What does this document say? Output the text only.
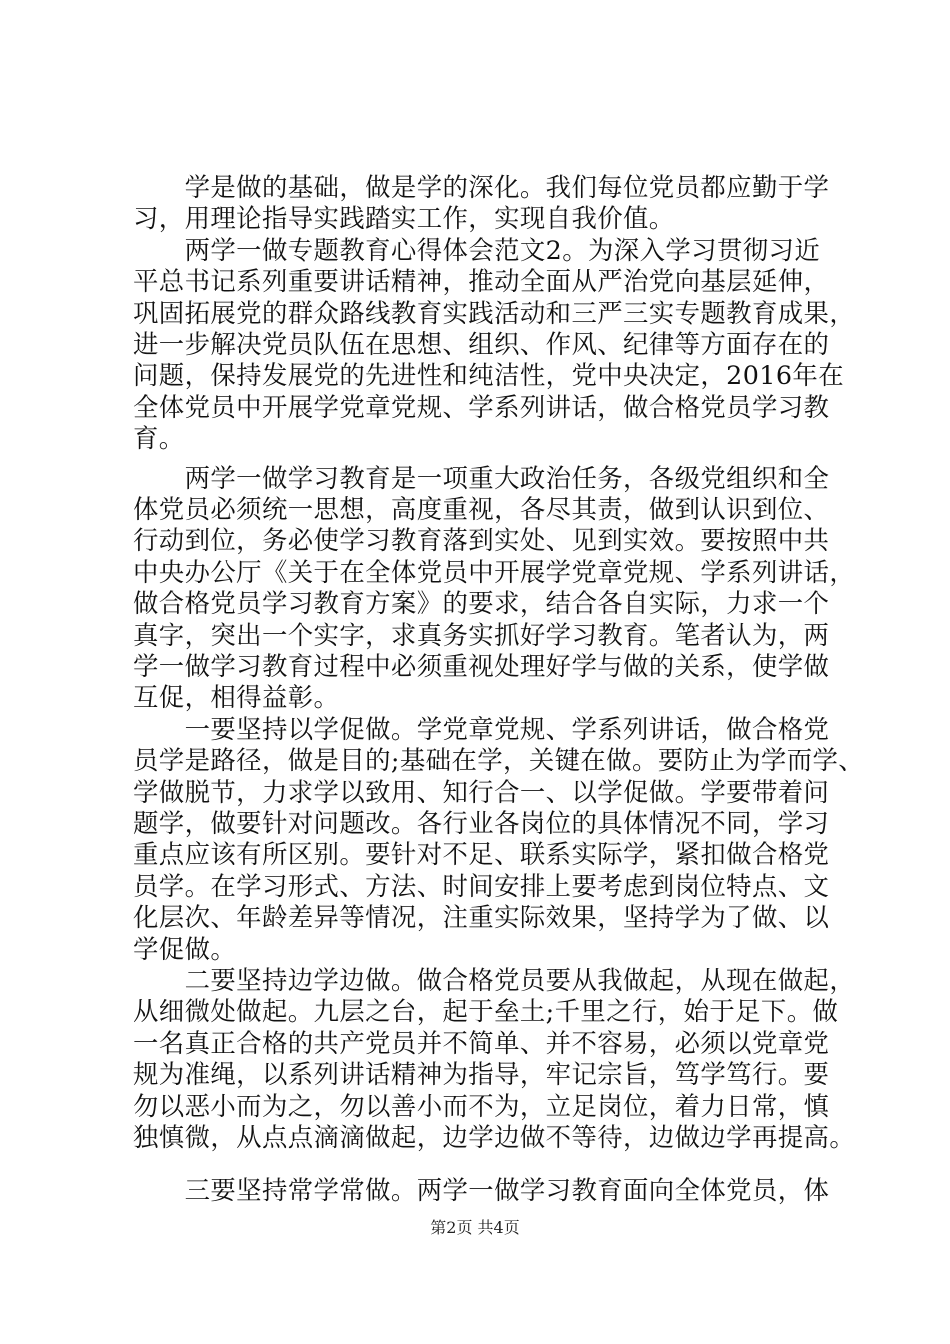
　　学是做的基础，做是学的深化。我们每位党员都应勤于学
习，用理论指导实践踏实工作，实现自我价值。
　　两学一做专题教育心得体会范文2。为深入学习贯彻习近
平总书记系列重要讲话精神，推动全面从严治党向基层延伸，
巩固拓展党的群众路线教育实践活动和三严三实专题教育成果，
进一步解决党员队伍在思想、组织、作风、纪律等方面存在的
问题，保持发展党的先进性和纯洁性，党中央决定，2016年在
全体党员中开展学党章党规、学系列讲话，做合格党员学习教
育。
　　两学一做学习教育是一项重大政治任务，各级党组织和全
体党员必须统一思想，高度重视，各尽其责，做到认识到位、
行动到位，务必使学习教育落到实处、见到实效。要按照中共
中央办公厅《关于在全体党员中开展学党章党规、学系列讲话，
做合格党员学习教育方案》的要求，结合各自实际，力求一个
真字，突出一个实字，求真务实抓好学习教育。笔者认为，两
学一做学习教育过程中必须重视处理好学与做的关系，使学做
互促，相得益彰。
　　一要坚持以学促做。学党章党规、学系列讲话，做合格党
员学是路径，做是目的;基础在学，关键在做。要防止为学而学、
学做脱节，力求学以致用、知行合一、以学促做。学要带着问
题学，做要针对问题改。各行业各岗位的具体情况不同，学习
重点应该有所区别。要针对不足、联系实际学，紧扣做合格党
员学。在学习形式、方法、时间安排上要考虑到岗位特点、文
化层次、年龄差异等情况，注重实际效果，坚持学为了做、以
学促做。
　　二要坚持边学边做。做合格党员要从我做起，从现在做起，
从细微处做起。九层之台，起于垒土;千里之行，始于足下。做
一名真正合格的共产党员并不简单、并不容易，必须以党章党
规为准绳，以系列讲话精神为指导，牢记宗旨，笃学笃行。要
勿以恶小而为之，勿以善小而不为，立足岗位，着力日常，慎
独慎微，从点点滴滴做起，边学边做不等待，边做边学再提高。
第2页 共4页
　　三要坚持常学常做。两学一做学习教育面向全体党员，体
